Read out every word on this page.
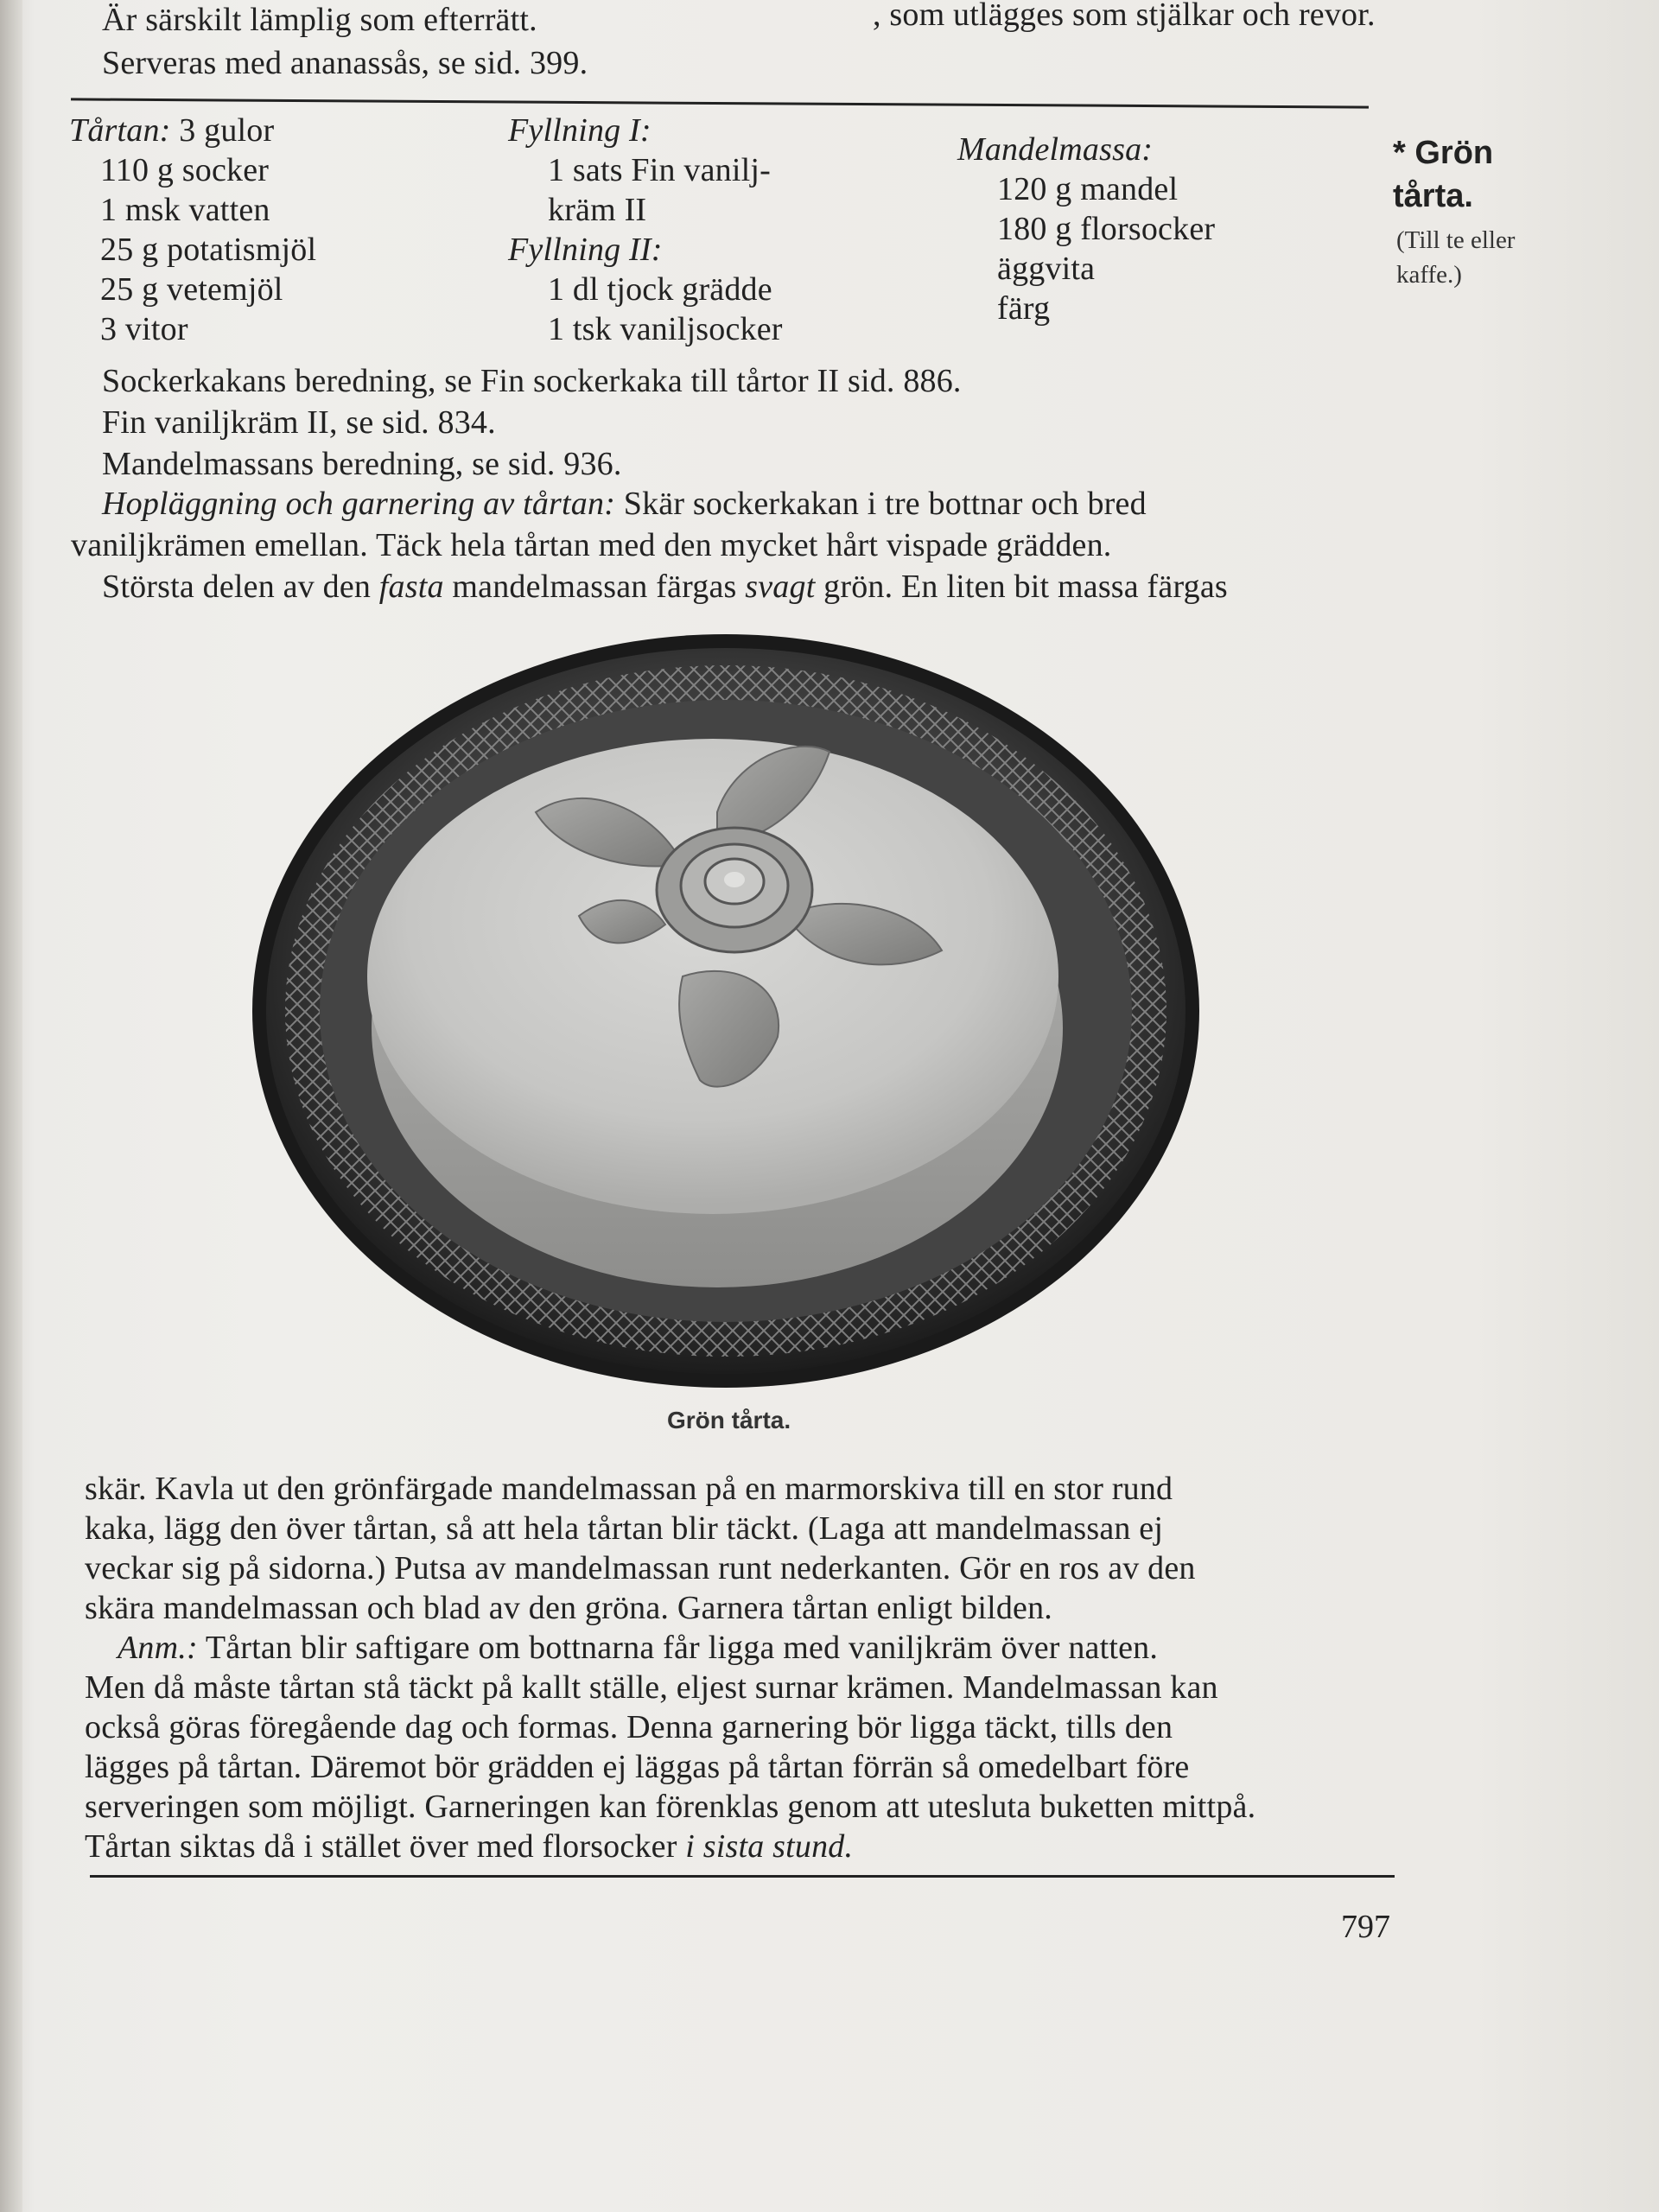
Är särskilt lämplig som efterrätt.	, som utlägges som stjälkar och revor.
Serveras med ananassås, se sid. 399.
Tårtan: 3 gulor
110 g socker
1 msk vatten
25 g potatismjöl
25 g vetemjöl
3 vitor
Fyllning I:
1 sats Fin vanilj-
kräm II
Fyllning II:
1 dl tjock grädde
1 tsk vaniljsocker
Mandelmassa:
120 g mandel
180 g florsocker
äggvita
färg
* Grön
tårta.
(Till te eller
kaffe.)
Sockerkakans beredning, se Fin sockerkaka till tårtor II sid. 886.
Fin vaniljkräm II, se sid. 834.
Mandelmassans beredning, se sid. 936.
Hopläggning och garnering av tårtan: Skär sockerkakan i tre bottnar och bred
vaniljkrämen emellan. Täck hela tårtan med den mycket hårt vispade grädden.
Största delen av den fasta mandelmassan färgas svagt grön. En liten bit massa färgas
Grön tårta.
skär. Kavla ut den grönfärgade mandelmassan på en marmorskiva till en stor rund
kaka, lägg den över tårtan, så att hela tårtan blir täckt. (Laga att mandelmassan ej
veckar sig på sidorna.) Putsa av mandelmassan runt nederkanten. Gör en ros av den
skära mandelmassan och blad av den gröna. Garnera tårtan enligt bilden.
Anm.: Tårtan blir saftigare om bottnarna får ligga med vaniljkräm över natten.
Men då måste tårtan stå täckt på kallt ställe, eljest surnar krämen. Mandelmassan kan
också göras föregående dag och formas. Denna garnering bör ligga täckt, tills den
lägges på tårtan. Däremot bör grädden ej läggas på tårtan förrän så omedelbart före
serveringen som möjligt. Garneringen kan förenklas genom att utesluta buketten mittpå.
Tårtan siktas då i stället över med florsocker i sista stund.
797
